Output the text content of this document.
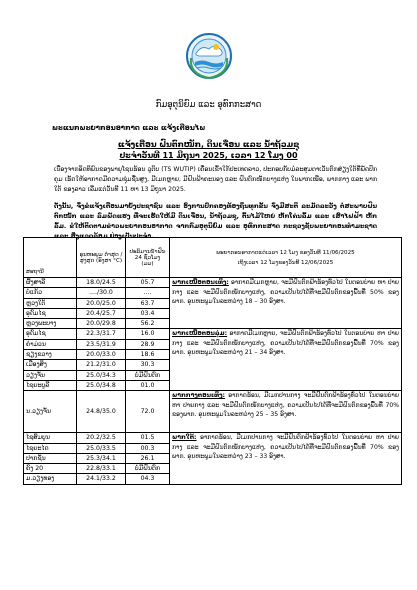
ກົມອຸຕຸນິຍົມ ແລະ ອຸທົກກະສາດ
ພະແນກພະຍາກອນອາກາດ ແລະ ແຈ້ງເຕືອນໄພ
ແຈ້ງເຕືອນ ຝົນຕົກໜັກ, ດິນເຈື່ອນ ແລະ ນ້ຳຖ້ວມຊຸ
ປະຈຳວັນທີ 11 ມິຖຸນາ 2025, ເວລາ 12 ໂມງ 00
ເນື່ອງຈາກອິດທິພົນຂອງພາຍຸໂຊນຮ້ອນ ວູຕິບ (TS WUTIP) ເຄື່ອນເຂົ້າໃກ້ປະເທດລາວ, ປະກອບກັບມໍລະສຸມຕາເວັນຕົກສ່ຽງໃຕ້ທີ່ພັດປົກຄຸມ ເຮັດໃຫ້ອາກາດມີຄວາມຊຸ່ມຊື່ນສູງ, ມີເມກຫຼາຍ, ມີຝົນຟ້າຄະນອງ ແລະ ຝົນຕົກໜັກບາງແຫ່ງ ໃນພາກເໜືອ, ພາກກາງ ແລະ ພາກໃຕ້ ຂອງລາວ ເລີ່ມແຕ່ວັນທີ 11 ຫາ 13 ມິຖຸນາ 2025.
ດັ່ງນັ້ນ, ຈຶ່ງຂໍແຈ້ງເຕືອນມາຍັງປະຊາຊົນ ແລະ ອົງການປົກຄອງທ້ອງຖິ່ນທຸກຂັ້ນ ຈົ່ງມີສະຕິ ລະມັດລະວັງ ຕໍ່ສະພາບຝົນຕົກໜັກ ແລະ ລົມພັດແຮງ ທີ່ຈະເຮັດໃຫ້ມີ ດິນເຈື່ອນ, ນ້ຳຖ້ວມຊຸ, ຕົ້ນໄມ້ໃຫຍ່ ຫັກໂຄ່ນລົ້ມ ແລະ ເສົາໄຟຟ້າ ຫັກລົ້ມ. ຂໍໃຫ້ຕິດຕາມຂ່າວພະຍາກອນອາກາດ ຈາກກົມອຸຕຸນິຍົມ ແລະ ອຸທົກກະສາດ ກະຊວງຊັບພະຍາກອນທຳມະຊາດ ແລະ ສິ່ງແວດລ້ອມ ຢ່າງເປັນປະຈຳ.
ສະຖານີ	ອຸນຫະພູມ ຕ່ຳສຸດ / ສູງສຸດ (ອົງສາ °C)	ປະລິມານນ້ຳຝົນ 24 ຊົ່ວໂມງ (ມມ)	ພະຍາກອນອາກາດແຕ່ເວລາ 12 ໂມງ ຂອງວັນທີ 11/06/2025
ເຖິງເວລາ 12 ໂມງຂອງວັນທີ 12/06/2025

ຜົ້ງສາລີ	18.0/24.5	05.7	ພາກເໜືອຕອນເທິງ: ອາກາດມີເມກຫຼາຍ, ຈະມີຝົນຕົກຟ້າຮ້ອງທົ່ວໄປ ໃນຕອນບ່າຍ ຫາ ປາຍກາງ ແລະ ຈະມີຝົນຕົກໜັກບາງແຫ່ງ, ຄວາມເປັນໄປໄດ້ທີ່ຈະມີຝົນຕົກຂອງພື້ນທີ່ 50% ຂອງພາກ. ອຸນຫະພູມໃນລະຫວ່າງ 18 – 30 ອົງສາ.
ບໍ່ແກ້ວ	..../30.0	....	
ຫຼວງໃຕ້	20.0/25.0	63.7	
ອຸດົມໄຊ	20.4/25.7	03.4	
ຫຼວງພະບາງ	20.0/29.8	56.2	
ອຸດົມໄຊ	22.3/31.7	16.0	ພາກເໜືອຕອນລຸ່ມ: ອາກາດມີເມກຫຼາຍ, ຈະມີຝົນຕົກຟ້າຮ້ອງທົ່ວໄປ ໃນຕອນບ່າຍ ຫາ ປາຍກາງ ແລະ ຈະມີຝົນຕົກໜັກບາງແຫ່ງ, ຄວາມເປັນໄປໄດ້ທີ່ຈະມີຝົນຕົກຂອງພື້ນທີ່ 70% ຂອງພາກ. ອຸນຫະພູມໃນລະຫວ່າງ 21 – 34 ອົງສາ.
ຄໍາມ່ວນ	23.5/31.9	28.9	
ຊຽງຂວາງ	20.0/33.0	18.6	
ເມືອງສິງ	21.2/31.0	30.3	
ວຽງຈັນ	25.0/34.3	ບໍ່ມີຝົນຕົກ	
ໄຊຍະບູລີ	25.0/34.8	01.0	
ນ.ວຽງຈັນ	24.8/35.0	72.0	ພາກກາງຕອນເທິງ: ອາກາດຮ້ອນ, ມີເມກປານກາງ ຈະມີຝົນຕົກຟ້າຮ້ອງທົ່ວໄປ ໃນຕອນບ່າຍ ຫາ ປາຍກາງ ແລະ ຈະມີຝົນຕົກໜັກບາງແຫ່ງ, ຄວາມເປັນໄປໄດ້ທີ່ຈະມີຝົນຕົກຂອງພື້ນທີ່ 70% ຂອງພາກ. ອຸນຫະພູມໃນລະຫວ່າງ 25 – 35 ອົງສາ.
ໄຊສົມບູນ	20.2/32.5	01.5	ພາກໃຕ້: ອາກາດຮ້ອນ, ມີເມກປານກາງ ຈະມີຝົນຕົກຟ້າຮ້ອງທົ່ວໄປ ໃນຕອນບ່າຍ ຫາ ປາຍກາງ ແລະ ຈະມີຝົນຕົກໜັກບາງແຫ່ງ, ຄວາມເປັນໄປໄດ້ທີ່ຈະມີຝົນຕົກຂອງພື້ນທີ່ 70% ຂອງພາກ. ອຸນຫະພູມໃນລະຫວ່າງ 23 – 33 ອົງສາ.
ໄຊຍະໄດ	25.0/33.5	00.3	
ປາກຊັນ	25.3/34.1	26.1	
ຄົງ 20	22.8/33.1	ບໍ່ມີຝົນຕົກ	
ມ.ວຽງທອງ	24.1/33.2	04.3	
